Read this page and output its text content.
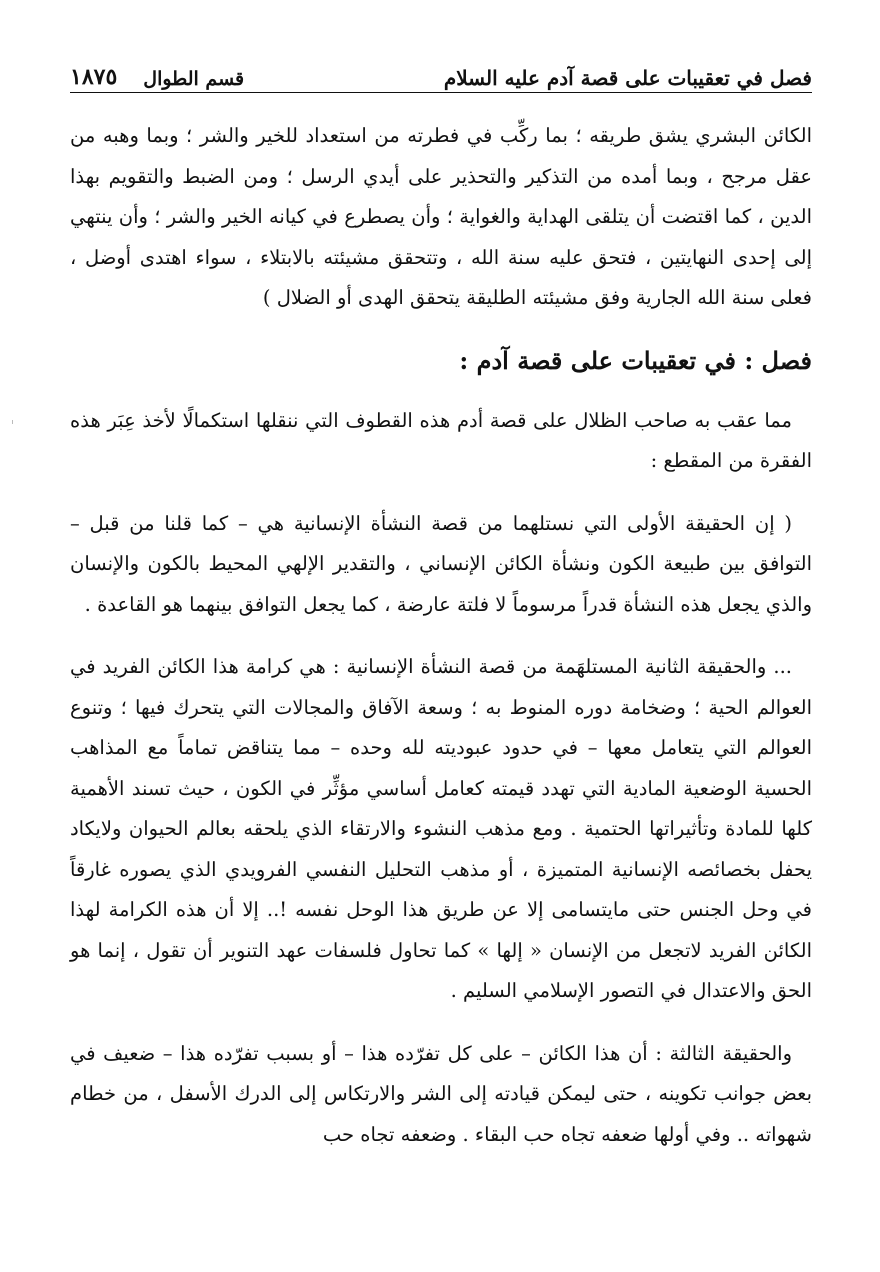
فصل في تعقيبات على قصة آدم عليه السلام
قسم الطوال
١٨٧٥

الكائن البشري يشق طريقه ؛ بما ركِّب في فطرته من استعداد للخير والشر ؛ وبما وهبه من عقل مرجح ، وبما أمده من التذكير والتحذير على أيدي الرسل ؛ ومن الضبط والتقويم بهذا الدين ، كما اقتضت أن يتلقى الهداية والغواية ؛ وأن يصطرع في كيانه الخير والشر ؛ وأن ينتهي إلى إحدى النهايتين ، فتحق عليه سنة الله ، وتتحقق مشيئته بالابتلاء ، سواء اهتدى أوضل ، فعلى سنة الله الجارية وفق مشيئته الطليقة يتحقق الهدى أو الضلال )

فصل : في تعقيبات على قصة آدم :

مما عقب به صاحب الظلال على قصة أدم هذه القطوف التي ننقلها استكمالًا لأخذ عِبَر هذه الفقرة من المقطع :

( إن الحقيقة الأولى التي نستلهما من قصة النشأة الإنسانية هي – كما قلنا من قبل – التوافق بين طبيعة الكون ونشأة الكائن الإنساني ، والتقدير الإلهي المحيط بالكون والإنسان والذي يجعل هذه النشأة قدراً مرسوماً لا فلتة عارضة ، كما يجعل التوافق بينهما هو القاعدة .

... والحقيقة الثانية المستلهَمة من قصة النشأة الإنسانية : هي كرامة هذا الكائن الفريد في العوالم الحية ؛ وضخامة دوره المنوط به ؛ وسعة الآفاق والمجالات التي يتحرك فيها ؛ وتنوع العوالم التي يتعامل معها – في حدود عبوديته لله وحده – مما يتناقض تماماً مع المذاهب الحسية الوضعية المادية التي تهدد قيمته كعامل أساسي مؤثِّر في الكون ، حيث تسند الأهمية كلها للمادة وتأثيراتها الحتمية . ومع مذهب النشوء والارتقاء الذي يلحقه بعالم الحيوان ولايكاد يحفل بخصائصه الإنسانية المتميزة ، أو مذهب التحليل النفسي الفرويدي الذي يصوره غارقاً في وحل الجنس حتى مايتسامى إلا عن طريق هذا الوحل نفسه !.. إلا أن هذه الكرامة لهذا الكائن الفريد لاتجعل من الإنسان « إلها » كما تحاول فلسفات عهد التنوير أن تقول ، إنما هو الحق والاعتدال في التصور الإسلامي السليم .

والحقيقة الثالثة : أن هذا الكائن – على كل تفرّده هذا – أو بسبب تفرّده هذا – ضعيف في بعض جوانب تكوينه ، حتى ليمكن قيادته إلى الشر والارتكاس إلى الدرك الأسفل ، من خطام شهواته .. وفي أولها ضعفه تجاه حب البقاء . وضعفه تجاه حب
